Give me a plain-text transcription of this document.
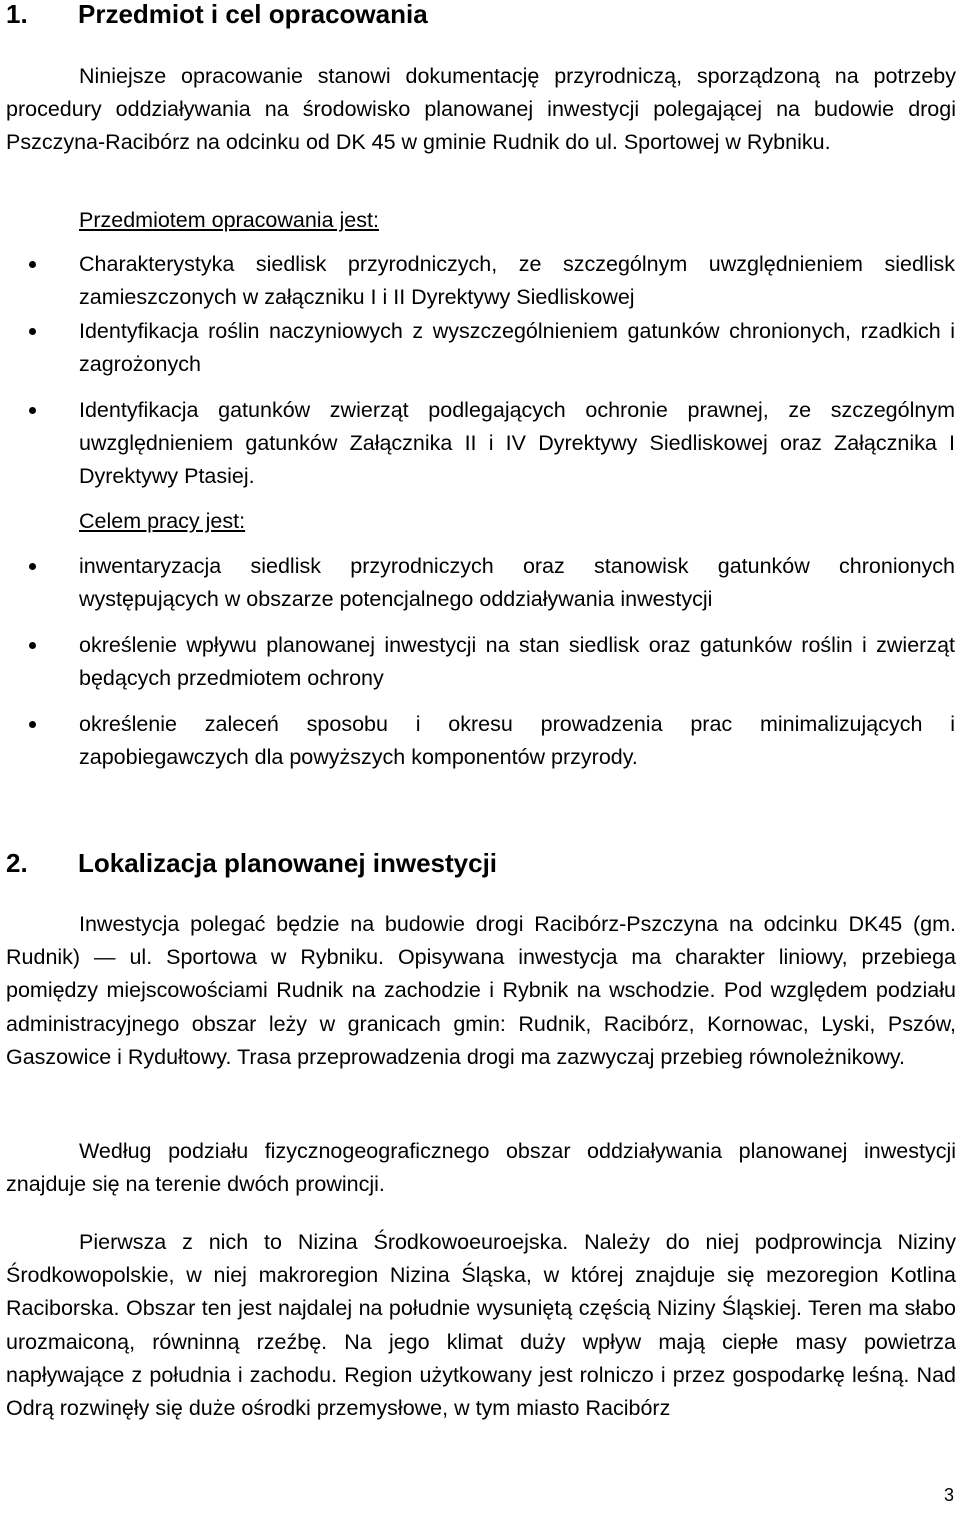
1. Przedmiot i cel opracowania

Niniejsze opracowanie stanowi dokumentację przyrodniczą, sporządzoną na potrzeby procedury oddziaływania na środowisko planowanej inwestycji polegającej na budowie drogi Pszczyna-Racibórz na odcinku od DK 45 w gminie Rudnik do ul. Sportowej w Rybniku.

Przedmiotem opracowania jest:
Charakterystyka siedlisk przyrodniczych, ze szczególnym uwzględnieniem siedlisk zamieszczonych w załączniku I i II Dyrektywy Siedliskowej
Identyfikacja roślin naczyniowych z wyszczególnieniem gatunków chronionych, rzadkich i zagrożonych
Identyfikacja gatunków zwierząt podlegających ochronie prawnej, ze szczególnym uwzględnieniem gatunków Załącznika II i IV Dyrektywy Siedliskowej oraz Załącznika I Dyrektywy Ptasiej.
Celem pracy jest:
inwentaryzacja siedlisk przyrodniczych oraz stanowisk gatunków chronionych występujących w obszarze potencjalnego oddziaływania inwestycji
określenie wpływu planowanej inwestycji na stan siedlisk oraz gatunków roślin i zwierząt będących przedmiotem ochrony
określenie zaleceń sposobu i okresu prowadzenia prac minimalizujących i zapobiegawczych dla powyższych komponentów przyrody.
2. Lokalizacja planowanej inwestycji

Inwestycja polegać będzie na budowie drogi Racibórz-Pszczyna na odcinku DK45 (gm. Rudnik) — ul. Sportowa w Rybniku. Opisywana inwestycja ma charakter liniowy, przebiega pomiędzy miejscowościami Rudnik na zachodzie i Rybnik na wschodzie. Pod względem podziału administracyjnego obszar leży w granicach gmin: Rudnik, Racibórz, Kornowac, Lyski, Pszów, Gaszowice i Rydułtowy. Trasa przeprowadzenia drogi ma zazwyczaj przebieg równoleżnikowy.

Według podziału fizycznogeograficznego obszar oddziaływania planowanej inwestycji znajduje się na terenie dwóch prowincji.

Pierwsza z nich to Nizina Środkowoeuroejska. Należy do niej podprowincja Niziny Środkowopolskie, w niej makroregion Nizina Śląska, w której znajduje się mezoregion Kotlina Raciborska. Obszar ten jest najdalej na południe wysuniętą częścią Niziny Śląskiej. Teren ma słabo urozmaiconą, równinną rzeźbę. Na jego klimat duży wpływ mają ciepłe masy powietrza napływające z południa i zachodu. Region użytkowany jest rolniczo i przez gospodarkę leśną. Nad Odrą rozwinęły się duże ośrodki przemysłowe, w tym miasto Racibórz

3
